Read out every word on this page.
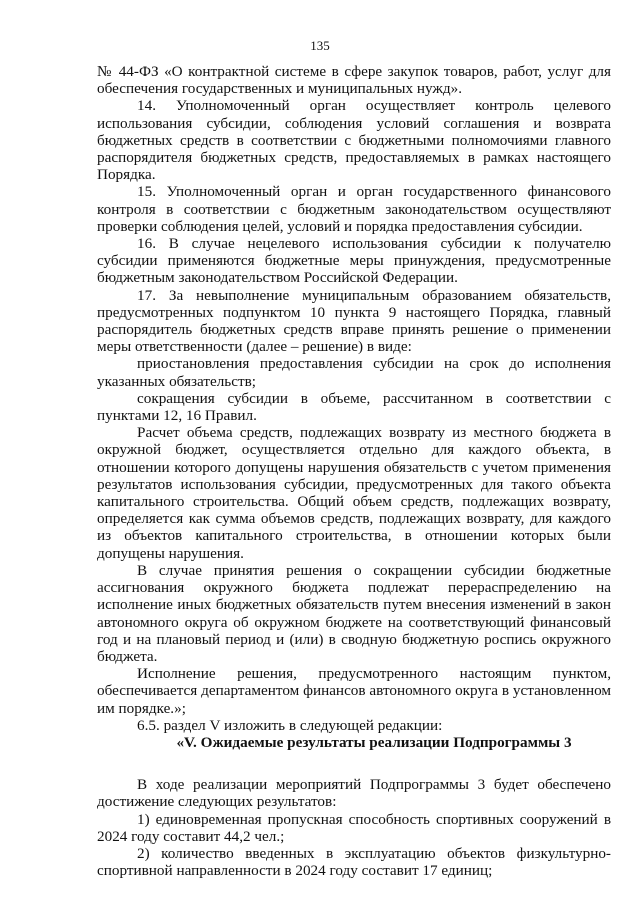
135

№ 44-ФЗ «О контрактной системе в сфере закупок товаров, работ, услуг для обеспечения государственных и муниципальных нужд».

14. Уполномоченный орган осуществляет контроль целевого использования субсидии, соблюдения условий соглашения и возврата бюджетных средств в соответствии с бюджетными полномочиями главного распорядителя бюджетных средств, предоставляемых в рамках настоящего Порядка.

15. Уполномоченный орган и орган государственного финансового контроля в соответствии с бюджетным законодательством осуществляют проверки соблюдения целей, условий и порядка предоставления субсидии.

16. В случае нецелевого использования субсидии к получателю субсидии применяются бюджетные меры принуждения, предусмотренные бюджетным законодательством Российской Федерации.

17. За невыполнение муниципальным образованием обязательств, предусмотренных подпунктом 10 пункта 9 настоящего Порядка, главный распорядитель бюджетных средств вправе принять решение о применении меры ответственности (далее – решение) в виде:

приостановления предоставления субсидии на срок до исполнения указанных обязательств;

сокращения субсидии в объеме, рассчитанном в соответствии с пунктами 12, 16 Правил.

Расчет объема средств, подлежащих возврату из местного бюджета в окружной бюджет, осуществляется отдельно для каждого объекта, в отношении которого допущены нарушения обязательств с учетом применения результатов использования субсидии, предусмотренных для такого объекта капитального строительства. Общий объем средств, подлежащих возврату, определяется как сумма объемов средств, подлежащих возврату, для каждого из объектов капитального строительства, в отношении которых были допущены нарушения.

В случае принятия решения о сокращении субсидии бюджетные ассигнования окружного бюджета подлежат перераспределению на исполнение иных бюджетных обязательств путем внесения изменений в закон автономного округа об окружном бюджете на соответствующий финансовый год и на плановый период и (или) в сводную бюджетную роспись окружного бюджета.

Исполнение решения, предусмотренного настоящим пунктом, обеспечивается департаментом финансов автономного округа в установленном им порядке.»;

6.5. раздел V изложить в следующей редакции:

«V. Ожидаемые результаты реализации Подпрограммы 3

В ходе реализации мероприятий Подпрограммы 3 будет обеспечено достижение следующих результатов:

1) единовременная пропускная способность спортивных сооружений в 2024 году составит 44,2 чел.;

2) количество введенных в эксплуатацию объектов физкультурно-спортивной направленности в 2024 году составит 17 единиц;
